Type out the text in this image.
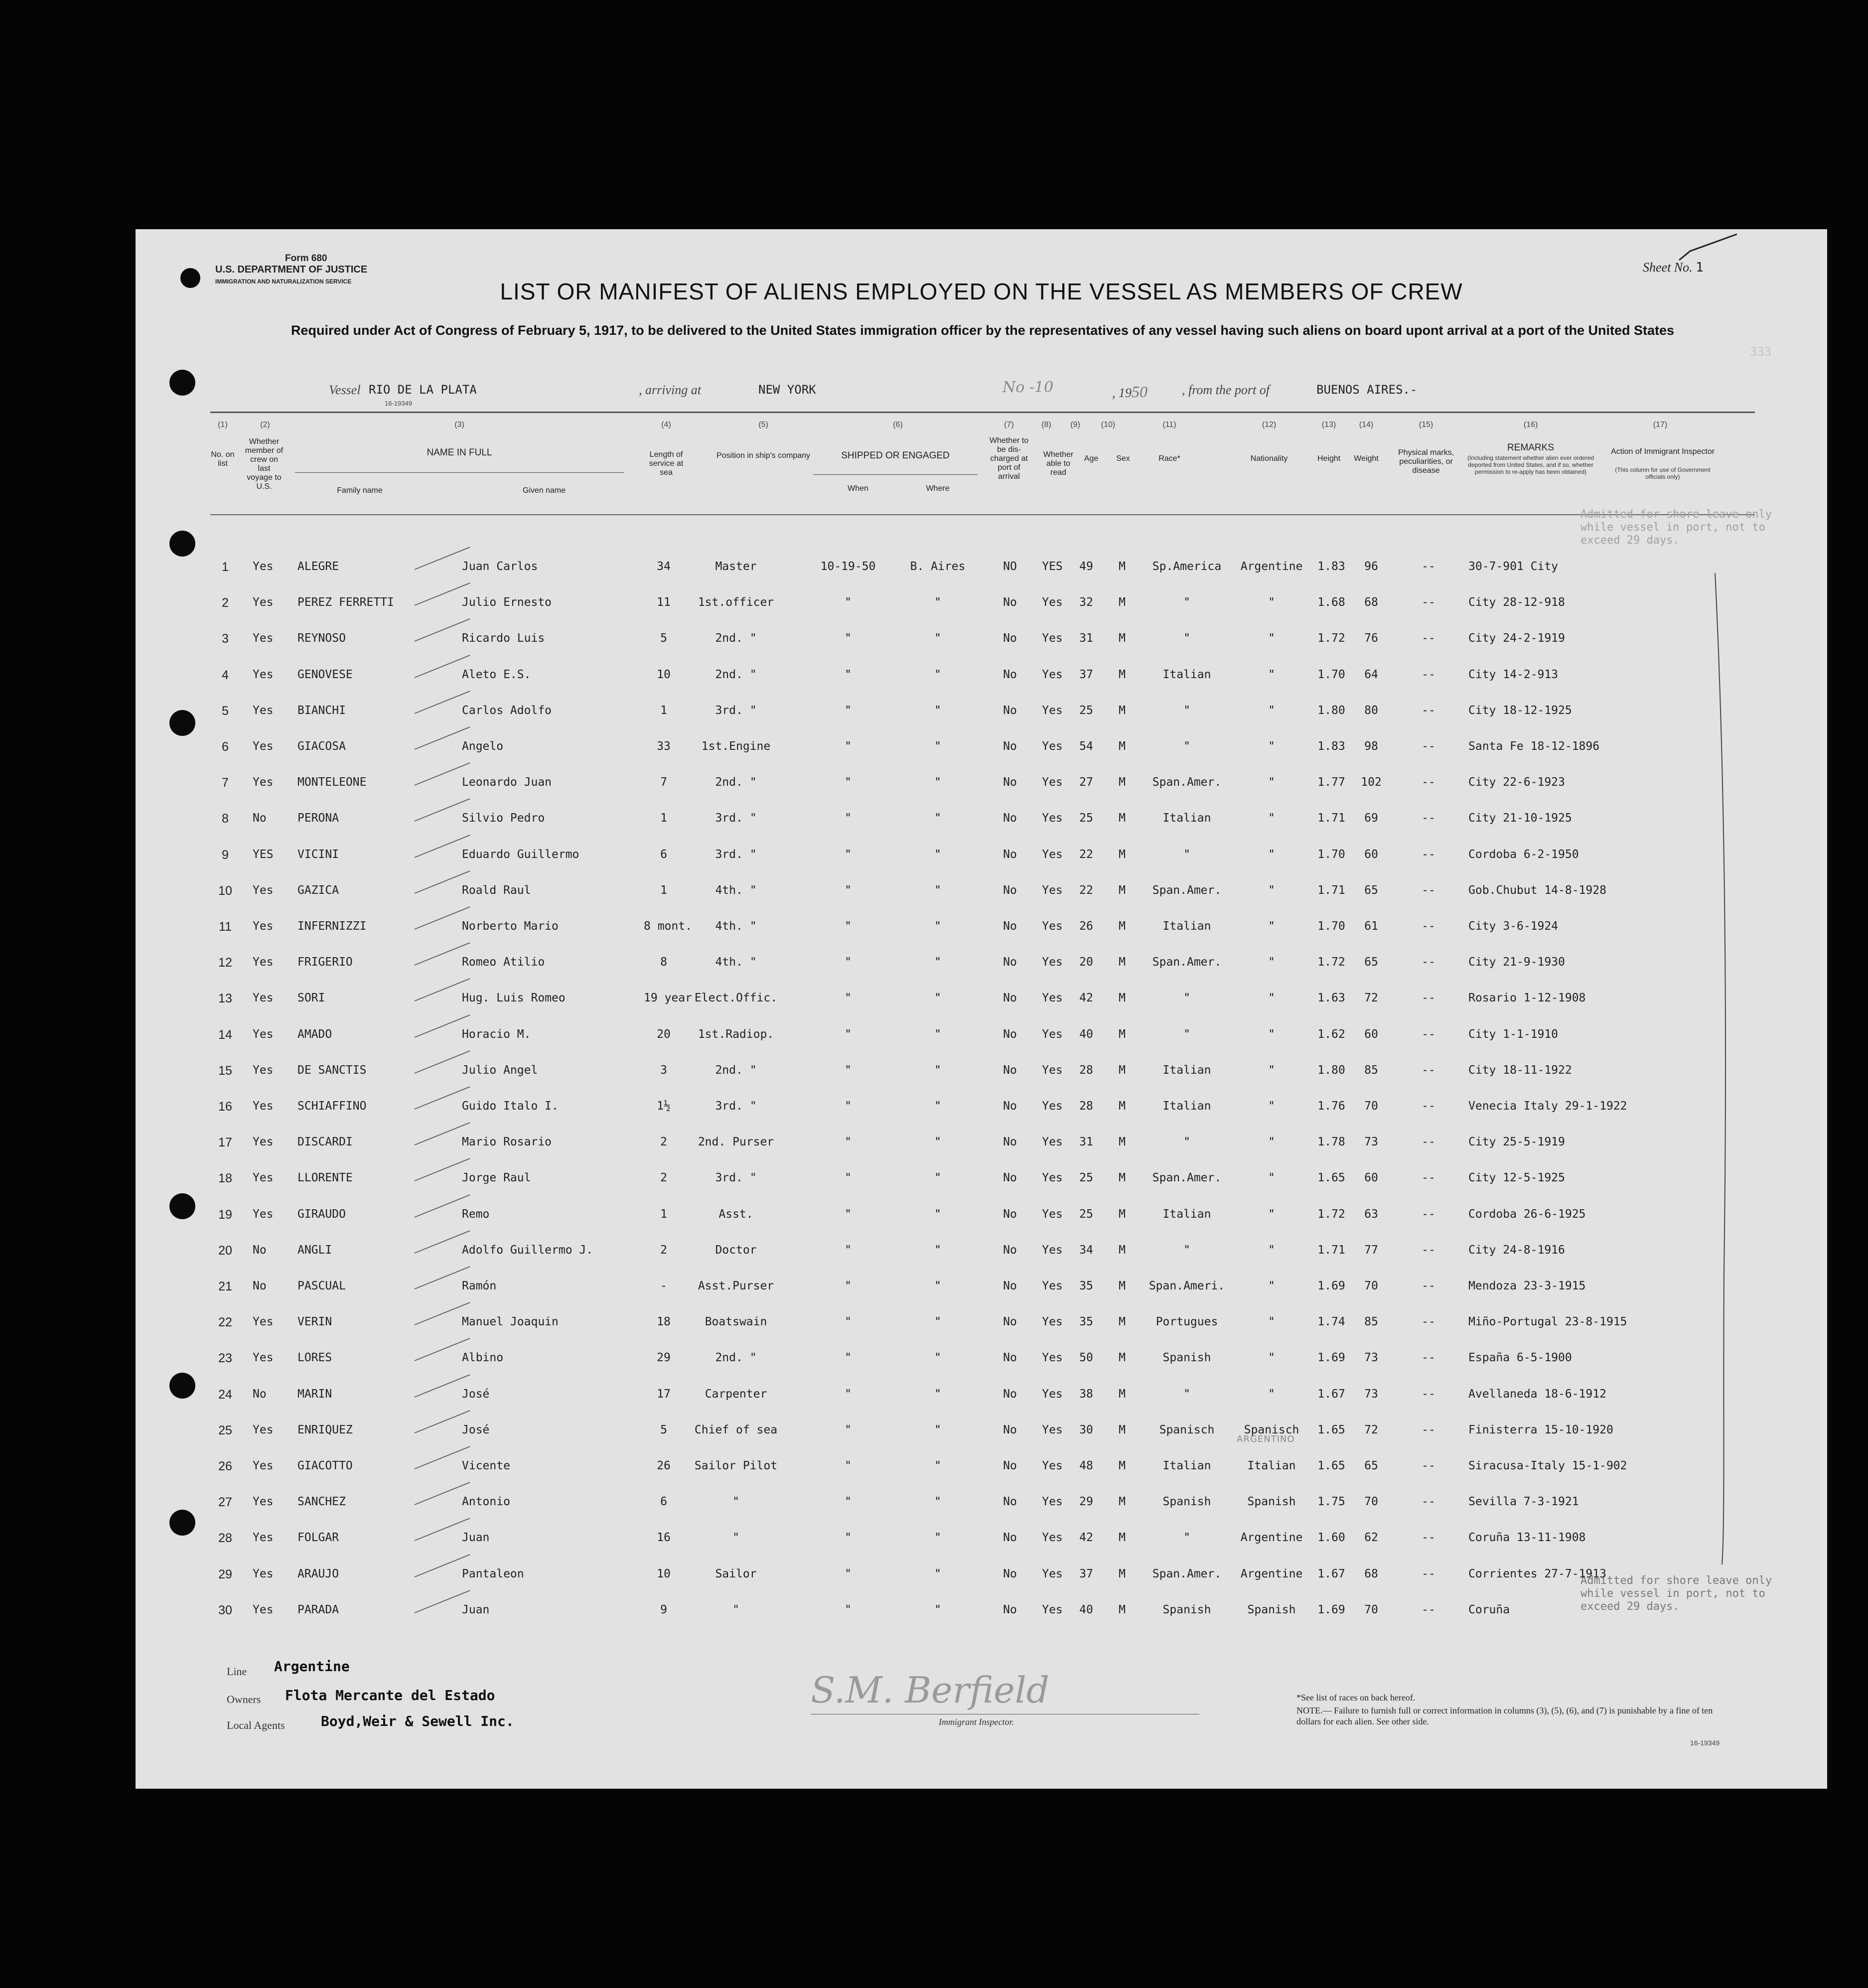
Form 680
U.S. DEPARTMENT OF JUSTICE
IMMIGRATION AND NATURALIZATION SERVICE
Sheet No. 1
LIST OR MANIFEST OF ALIENS EMPLOYED ON THE VESSEL AS MEMBERS OF CREW
Required under Act of Congress of February 5, 1917, to be delivered to the United States immigration officer by the representatives of any vessel having such aliens on board upont arrival at a port of the United States
333
Vessel RIO DE LA PLATA
16-19349
, arriving at	NEW YORK	No -10	, 1950	, from the port of	BUENOS AIRES.-
(1)	(2)	(3)	(4)	(5)	(6)	(7)	(8)	(9)	(10)	(11)	(12)	(13)	(14)	(15)	(16)	(17)
No. on list
Whether member of crew on last voyage to U.S.
NAME IN FULL
Family name	Given name
Length of service at sea
Position in ship's company	SHIPPED OR ENGAGED
When	Where
Whether to be dis-charged at port of arrival
Whether able to read
Age	Sex	Race*	Nationality	Height	Weight
Physical marks, peculiarities, or disease
REMARKS
(Including statement whether alien ever ordered deported from United States, and if so, whether permission to re-apply has been obtained)
Action of Immigrant Inspector
(This column for use of Government officials only)
Admitted for shore leave only while vessel in port, not to exceed 29 days.
Admitted for shore leave only while vessel in port, not to exceed 29 days.
ARGENTINO
1	Yes	ALEGRE	Juan Carlos	34	Master	10-19-50	B. Aires	NO	YES	49	M	Sp.America	Argentine	1.83	96	--	30-7-901 City
2	Yes	PEREZ FERRETTI	Julio Ernesto	11	1st.officer	"	"	No	Yes	32	M	"	"	1.68	68	--	City 28-12-918
3	Yes	REYNOSO	Ricardo Luis	5	2nd. "	"	"	No	Yes	31	M	"	"	1.72	76	--	City 24-2-1919
4	Yes	GENOVESE	Aleto E.S.	10	2nd. "	"	"	No	Yes	37	M	Italian	"	1.70	64	--	City 14-2-913
5	Yes	BIANCHI	Carlos Adolfo	1	3rd. "	"	"	No	Yes	25	M	"	"	1.80	80	--	City 18-12-1925
6	Yes	GIACOSA	Angelo	33	1st.Engine	"	"	No	Yes	54	M	"	"	1.83	98	--	Santa Fe 18-12-1896
7	Yes	MONTELEONE	Leonardo Juan	7	2nd. "	"	"	No	Yes	27	M	Span.Amer.	"	1.77	102	--	City 22-6-1923
8	No	PERONA	Silvio Pedro	1	3rd. "	"	"	No	Yes	25	M	Italian	"	1.71	69	--	City 21-10-1925
9	YES	VICINI	Eduardo Guillermo	6	3rd. "	"	"	No	Yes	22	M	"	"	1.70	60	--	Cordoba 6-2-1950
10	Yes	GAZICA	Roald Raul	1	4th. "	"	"	No	Yes	22	M	Span.Amer.	"	1.71	65	--	Gob.Chubut 14-8-1928
11	Yes	INFERNIZZI	Norberto Mario	8 mont.	4th. "	"	"	No	Yes	26	M	Italian	"	1.70	61	--	City 3-6-1924
12	Yes	FRIGERIO	Romeo Atilio	8	4th. "	"	"	No	Yes	20	M	Span.Amer.	"	1.72	65	--	City 21-9-1930
13	Yes	SORI	Hug. Luis Romeo	19 year Elect.Offic.	"	"	No	Yes	42	M	"	"	1.63	72	--	Rosario 1-12-1908
14	Yes	AMADO	Horacio M.	20	1st.Radiop.	"	"	No	Yes	40	M	"	"	1.62	60	--	City 1-1-1910
15	Yes	DE SANCTIS	Julio Angel	3	2nd. "	"	"	No	Yes	28	M	Italian	"	1.80	85	--	City 18-11-1922
16	Yes	SCHIAFFINO	Guido Italo I.	1½	3rd. "	"	"	No	Yes	28	M	Italian	"	1.76	70	--	Venecia Italy 29-1-1922
17	Yes	DISCARDI	Mario Rosario	2	2nd. Purser	"	"	No	Yes	31	M	"	"	1.78	73	--	City 25-5-1919
18	Yes	LLORENTE	Jorge Raul	2	3rd. "	"	"	No	Yes	25	M	Span.Amer.	"	1.65	60	--	City 12-5-1925
19	Yes	GIRAUDO	Remo	1	Asst.	"	"	No	Yes	25	M	Italian	"	1.72	63	--	Cordoba 26-6-1925
20	No	ANGLI	Adolfo Guillermo J.	2	Doctor	"	"	No	Yes	34	M	"	"	1.71	77	--	City 24-8-1916
21	No	PASCUAL	Ramón	-	Asst.Purser	"	"	No	Yes	35	M	Span.Ameri.	"	1.69	70	--	Mendoza 23-3-1915
22	Yes	VERIN	Manuel Joaquin	18	Boatswain	"	"	No	Yes	35	M	Portugues	"	1.74	85	--	Miño-Portugal 23-8-1915
23	Yes	LORES	Albino	29	2nd. "	"	"	No	Yes	50	M	Spanish	"	1.69	73	--	España 6-5-1900
24	No	MARIN	José	17	Carpenter	"	"	No	Yes	38	M	"	"	1.67	73	--	Avellaneda 18-6-1912
25	Yes	ENRIQUEZ	José	5	Chief of sea	"	"	No	Yes	30	M	Spanisch	Spanisch	1.65	72	--	Finisterra 15-10-1920
26	Yes	GIACOTTO	Vicente	26	Sailor Pilot	"	"	No	Yes	48	M	Italian	Italian	1.65	65	--	Siracusa-Italy 15-1-902
27	Yes	SANCHEZ	Antonio	6	"	"	"	No	Yes	29	M	Spanish	Spanish	1.75	70	--	Sevilla 7-3-1921
28	Yes	FOLGAR	Juan	16	"	"	"	No	Yes	42	M	"	Argentine	1.60	62	--	Coruña 13-11-1908
29	Yes	ARAUJO	Pantaleon	10	Sailor	"	"	No	Yes	37	M	Span.Amer.	Argentine	1.67	68	--	Corrientes 27-7-1913
30	Yes	PARADA	Juan	9	"	"	"	No	Yes	40	M	Spanish	Spanish	1.69	70	--	Coruña
Line Argentine
Owners Flota Mercante del Estado
Local Agents	Boyd,Weir & Sewell Inc.
S.M. Berfield
Immigrant Inspector.
*See list of races on back hereof.
NOTE.— Failure to furnish full or correct information in columns (3), (5), (6), and (7) is punishable by a fine of ten dollars for each alien. See other side.
16-19349
